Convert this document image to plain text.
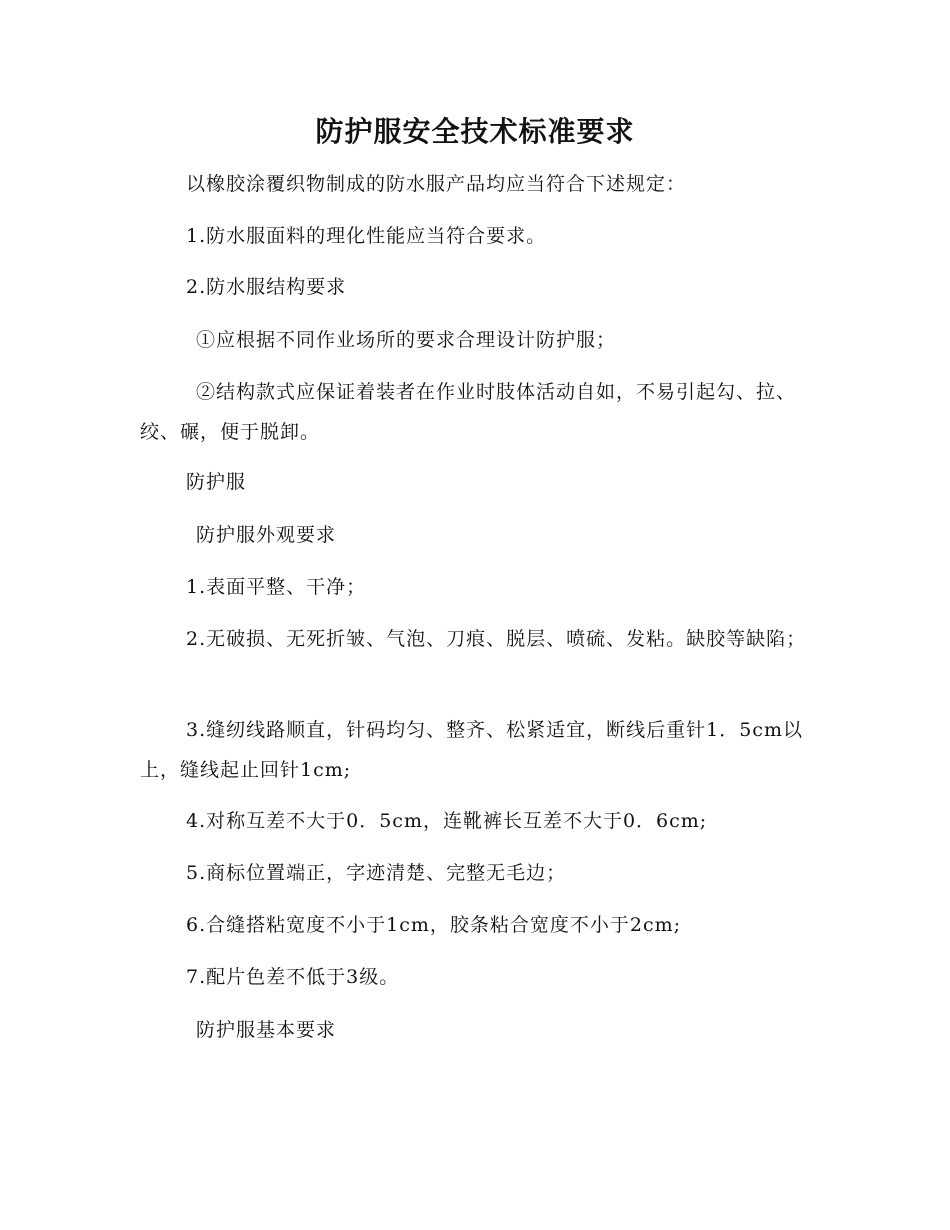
防护服安全技术标准要求

以橡胶涂覆织物制成的防水服产品均应当符合下述规定：

1.防水服面料的理化性能应当符合要求。

2.防水服结构要求

①应根据不同作业场所的要求合理设计防护服；

②结构款式应保证着装者在作业时肢体活动自如，不易引起勾、拉、绞、碾，便于脱卸。

防护服

防护服外观要求

1.表面平整、干净；

2.无破损、无死折皱、气泡、刀痕、脱层、喷硫、发粘。缺胶等缺陷；

3.缝纫线路顺直，针码均匀、整齐、松紧适宜，断线后重针1．5cm以上，缝线起止回针1cm;

4.对称互差不大于0．5cm，连靴裤长互差不大于0．6cm;

5.商标位置端正，字迹清楚、完整无毛边；

6.合缝搭粘宽度不小于1cm，胶条粘合宽度不小于2cm;

7.配片色差不低于3级。

防护服基本要求
